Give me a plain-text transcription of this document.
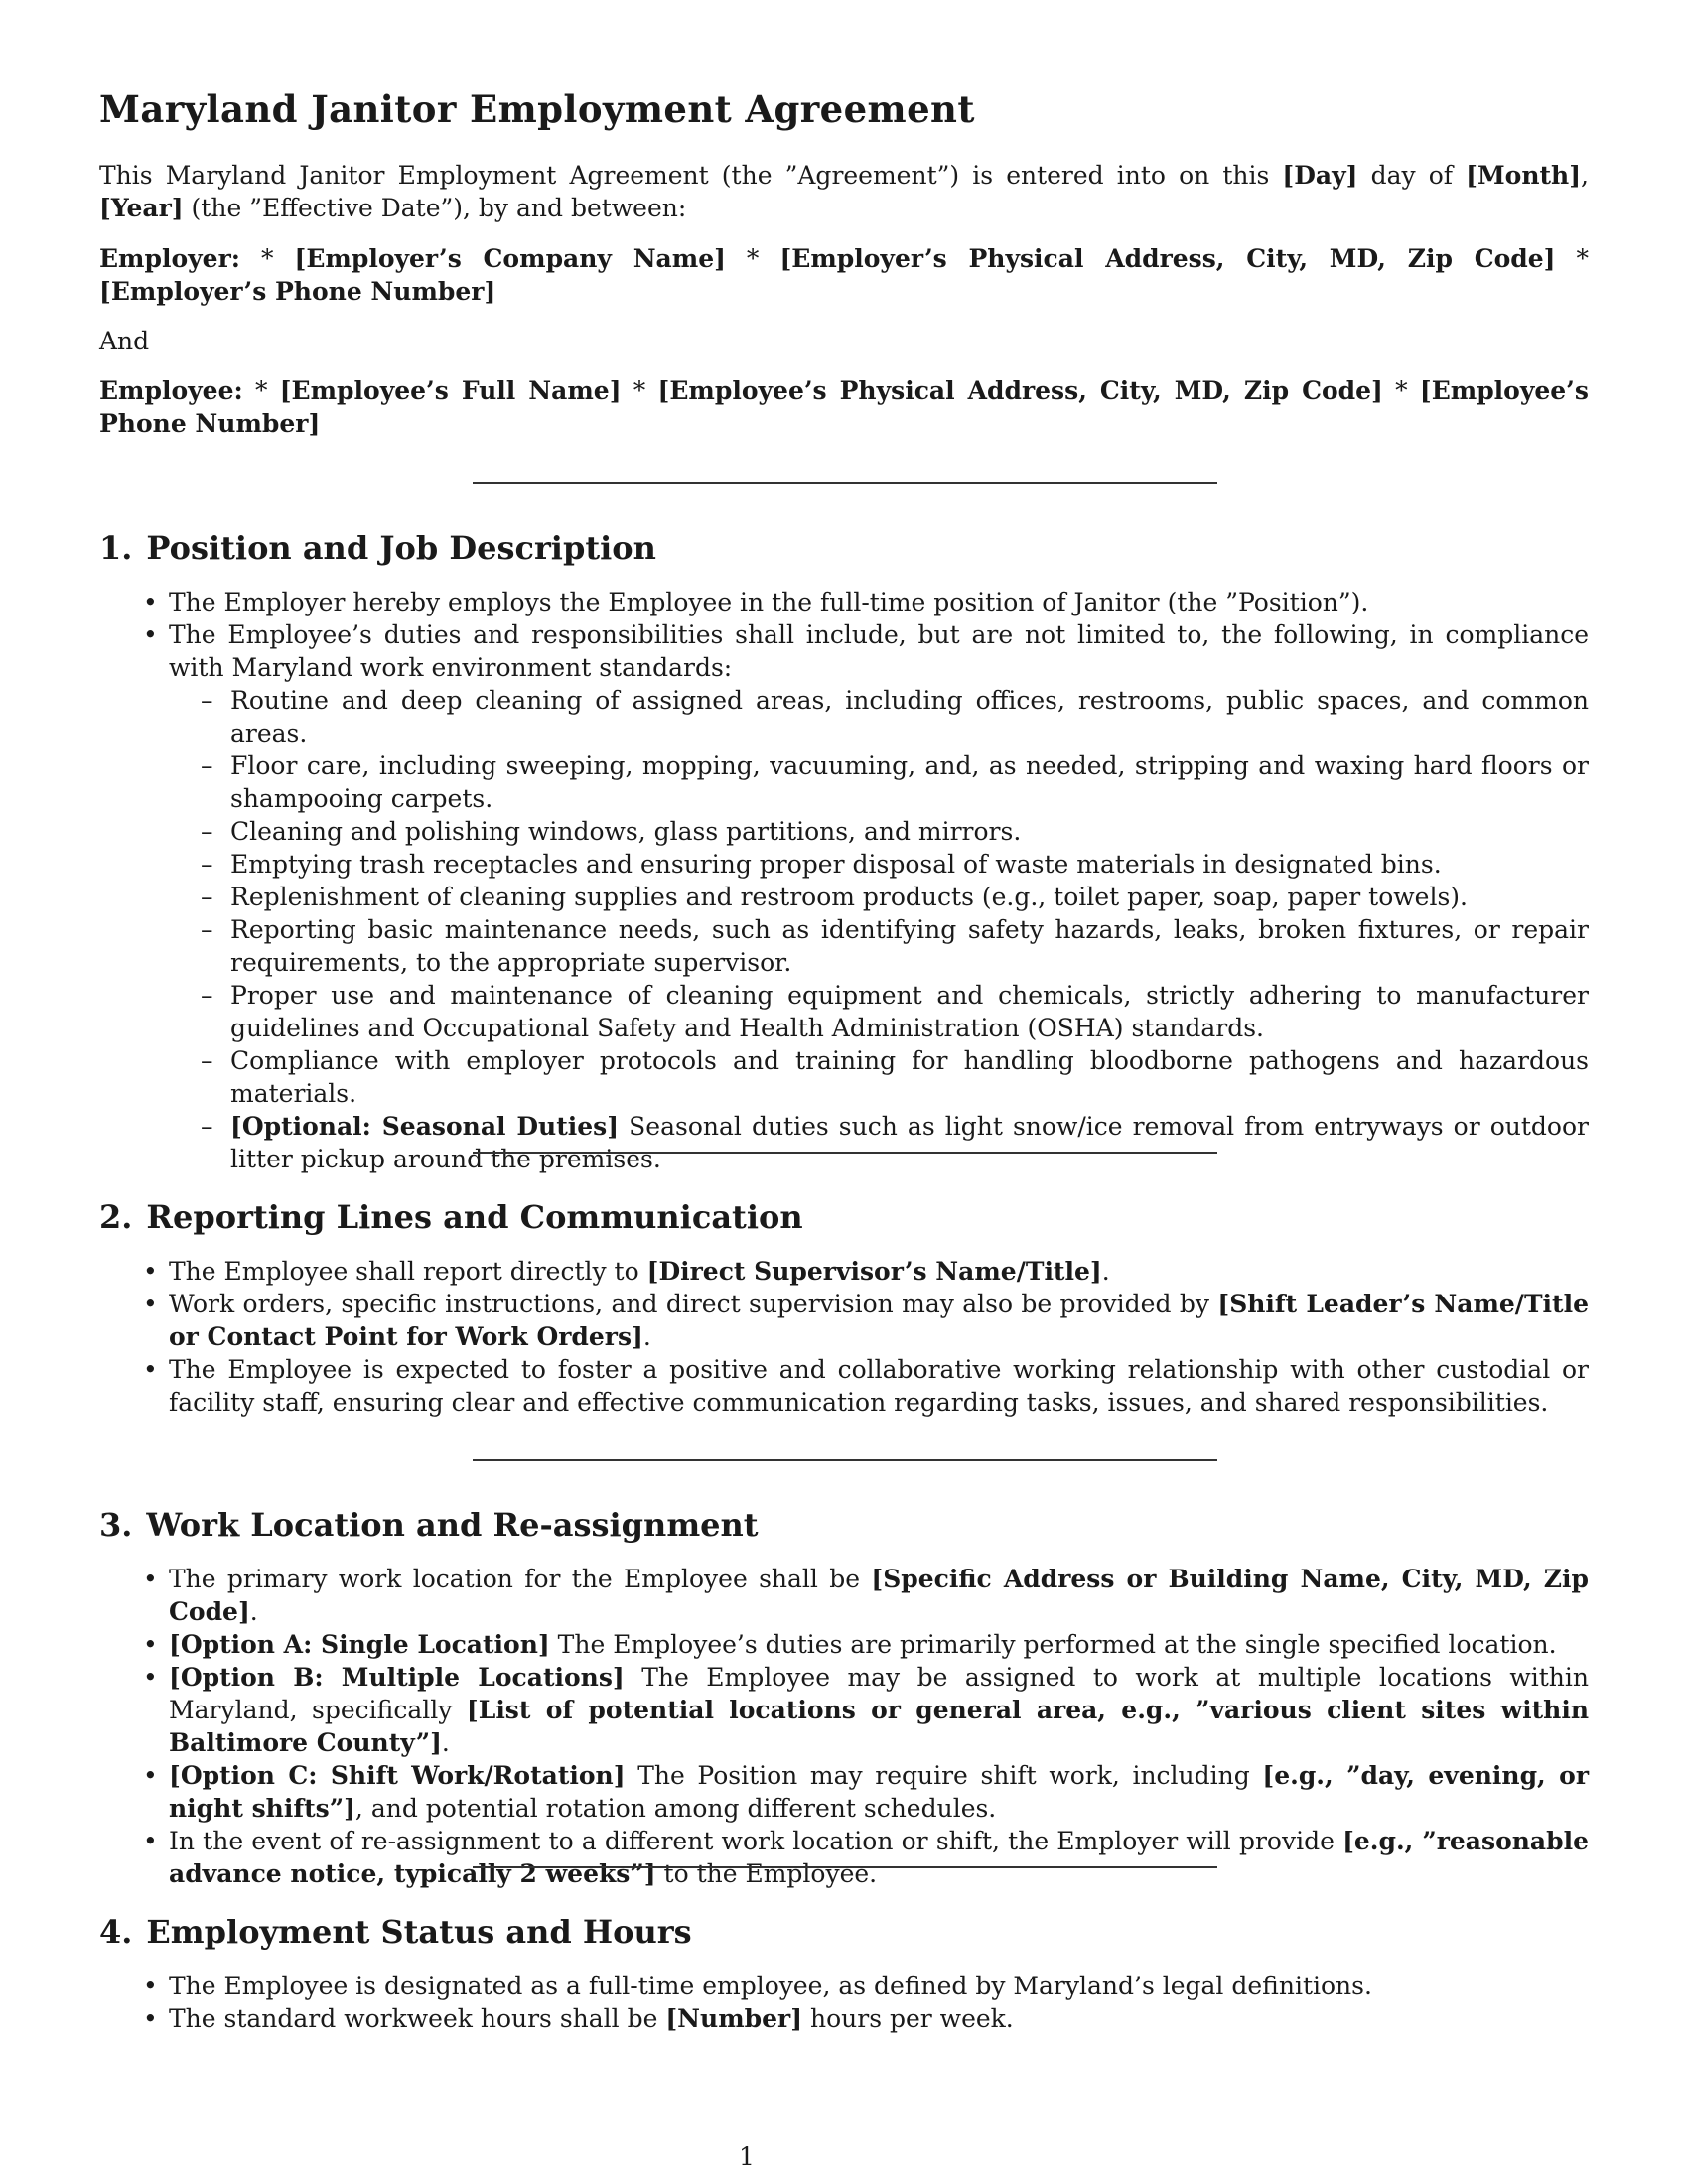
Maryland Janitor Employment Agreement

This Maryland Janitor Employment Agreement (the ”Agreement”) is entered into on this [Day] day of [Month], [Year] (the ”Effective Date”), by and between:

Employer: * [Employer’s Company Name] * [Employer’s Physical Address, City, MD, Zip Code] * [Employer’s Phone Number]

And

Employee: * [Employee’s Full Name] * [Employee’s Physical Address, City, MD, Zip Code] * [Employee’s Phone Number]

1. Position and Job Description
• The Employer hereby employs the Employee in the full-time position of Janitor (the ”Position”).
• The Employee’s duties and responsibilities shall include, but are not limited to, the following, in compliance with Maryland work environment standards:
– Routine and deep cleaning of assigned areas, including offices, restrooms, public spaces, and common areas.
– Floor care, including sweeping, mopping, vacuuming, and, as needed, stripping and waxing hard floors or shampooing carpets.
– Cleaning and polishing windows, glass partitions, and mirrors.
– Emptying trash receptacles and ensuring proper disposal of waste materials in designated bins.
– Replenishment of cleaning supplies and restroom products (e.g., toilet paper, soap, paper towels).
– Reporting basic maintenance needs, such as identifying safety hazards, leaks, broken fixtures, or repair requirements, to the appropriate supervisor.
– Proper use and maintenance of cleaning equipment and chemicals, strictly adhering to manufacturer guidelines and Occupational Safety and Health Administration (OSHA) standards.
– Compliance with employer protocols and training for handling bloodborne pathogens and hazardous materials.
– [Optional: Seasonal Duties] Seasonal duties such as light snow/ice removal from entryways or outdoor litter pickup around the premises.
2. Reporting Lines and Communication
• The Employee shall report directly to [Direct Supervisor’s Name/Title].
• Work orders, specific instructions, and direct supervision may also be provided by [Shift Leader’s Name/Title or Contact Point for Work Orders].
• The Employee is expected to foster a positive and collaborative working relationship with other custodial or facility staff, ensuring clear and effective communication regarding tasks, issues, and shared responsibilities.
3. Work Location and Re-assignment
• The primary work location for the Employee shall be [Specific Address or Building Name, City, MD, Zip Code].
• [Option A: Single Location] The Employee’s duties are primarily performed at the single specified location.
• [Option B: Multiple Locations] The Employee may be assigned to work at multiple locations within Maryland, specifically [List of potential locations or general area, e.g., ”various client sites within Baltimore County”].
• [Option C: Shift Work/Rotation] The Position may require shift work, including [e.g., ”day, evening, or night shifts”], and potential rotation among different schedules.
• In the event of re-assignment to a different work location or shift, the Employer will provide [e.g., ”reasonable advance notice, typically 2 weeks”] to the Employee.
4. Employment Status and Hours
• The Employee is designated as a full-time employee, as defined by Maryland’s legal definitions.
• The standard workweek hours shall be [Number] hours per week.
1
